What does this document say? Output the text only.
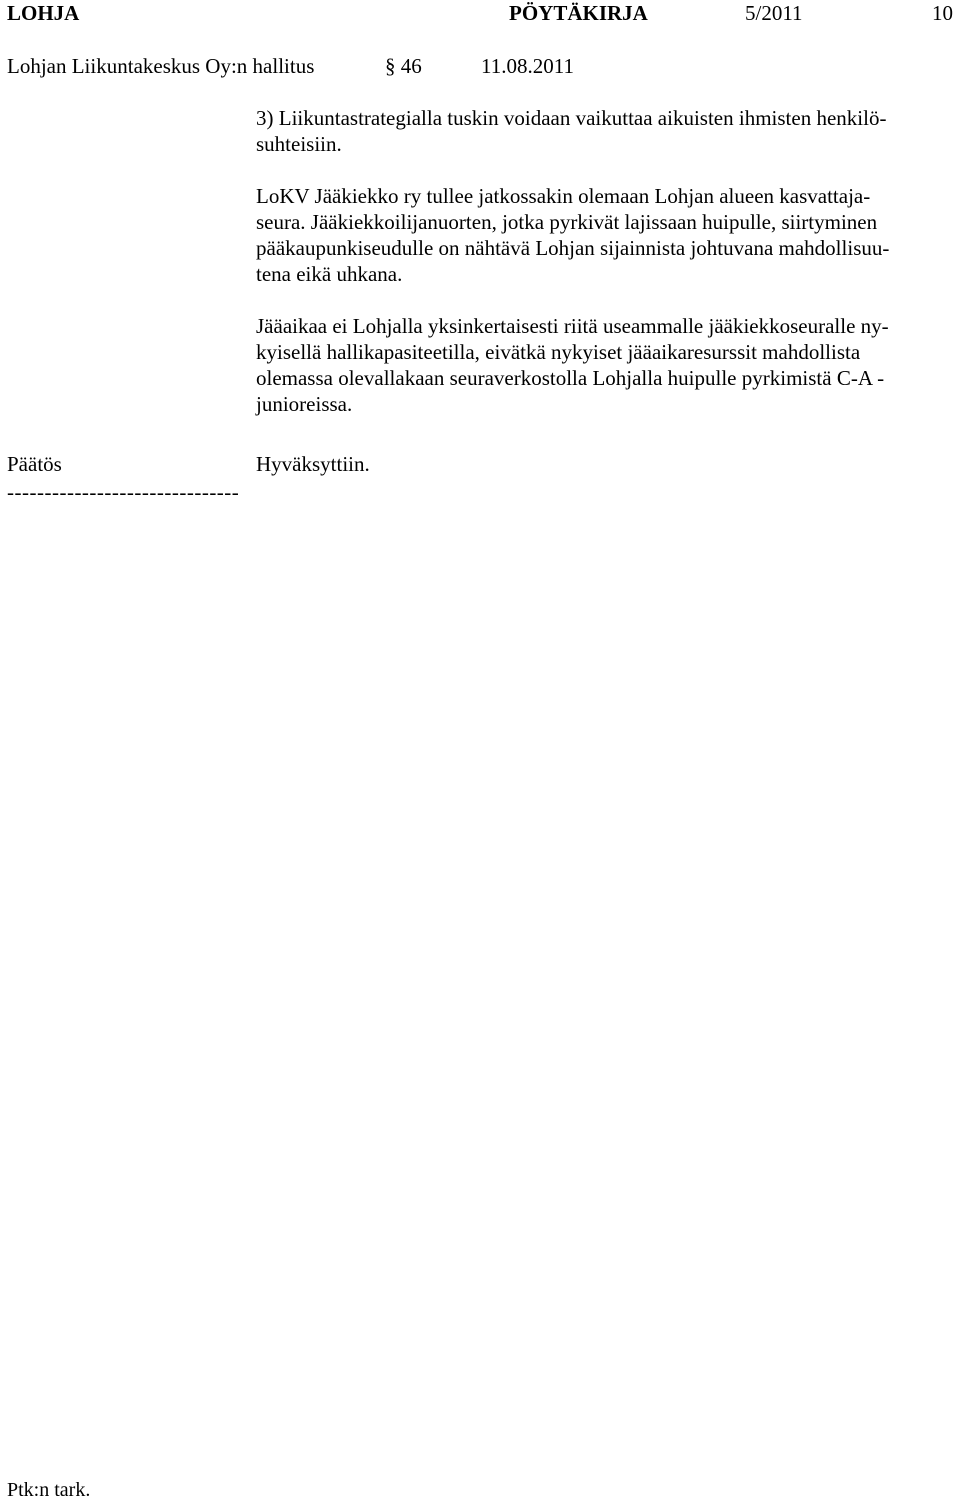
LOHJA	PÖYTÄKIRJA	5/2011	10
Lohjan Liikuntakeskus Oy:n hallitus	§ 46	11.08.2011
3) Liikuntastrategialla tuskin voidaan vaikuttaa aikuisten ihmisten henkilö-
suhteisiin.
LoKV Jääkiekko ry tullee jatkossakin olemaan Lohjan alueen kasvattaja-
seura. Jääkiekkoilijanuorten, jotka pyrkivät lajissaan huipulle, siirtyminen
pääkaupunkiseudulle on nähtävä Lohjan sijainnista johtuvana mahdollisuu-
tena eikä uhkana.
Jääaikaa ei Lohjalla yksinkertaisesti riitä useammalle jääkiekkoseuralle ny-
kyisellä hallikapasiteetilla, eivätkä nykyiset jääaikaresurssit mahdollista
olemassa olevallakaan seuraverkostolla Lohjalla huipulle pyrkimistä C-A -
junioreissa.
Päätös	Hyväksyttiin.
-------------------------------
Ptk:n tark.
